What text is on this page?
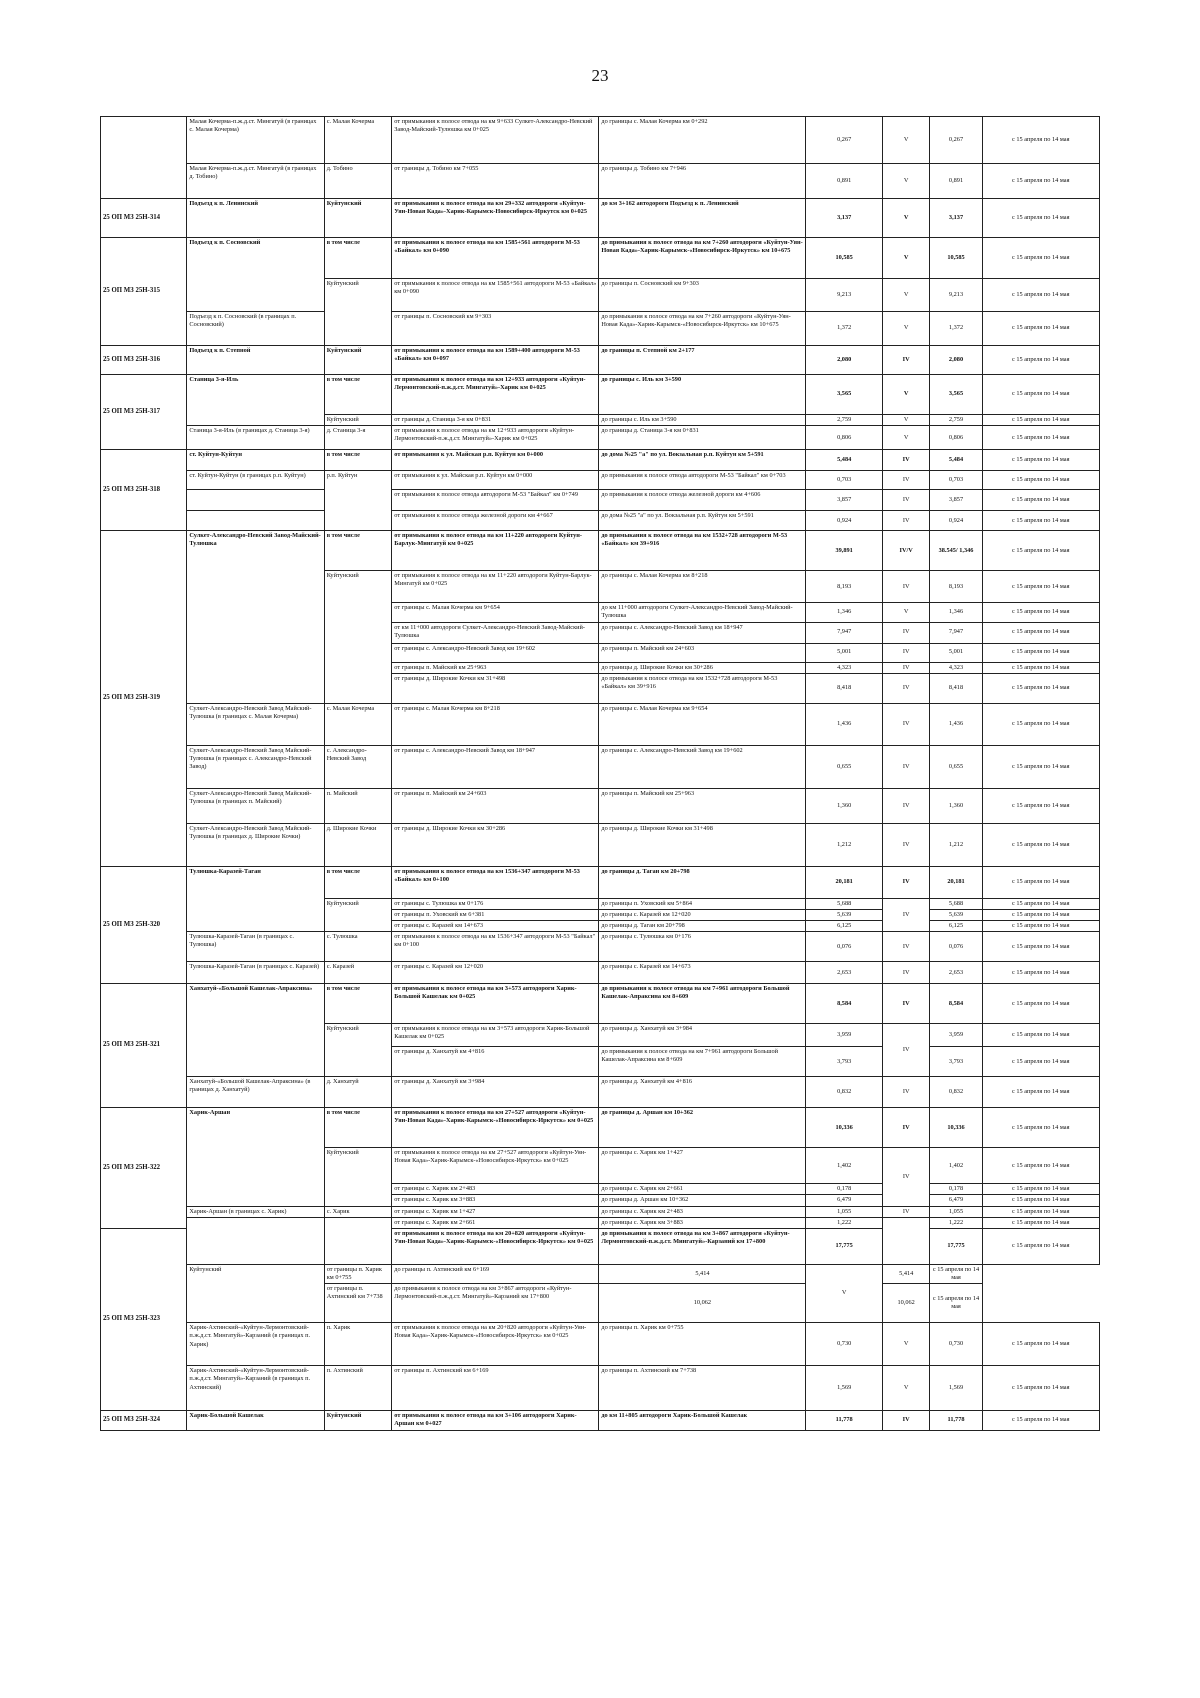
23
	Малая Кочерма-п.ж.д.ст. Мингатуй (в границах с. Малая Кочерма)	с. Малая Кочерма	от примыкания к полосе отвода на км 9+633 Сулкет-Александро-Невский Завод-Майский-Тулюшка км 0+025	до границы с. Малая Кочерма км 0+292	0,267	V	0,267	с 15 апреля по 14 мая
	Малая Кочерма-п.ж.д.ст. Мингатуй (в границах д. Тобино)	д. Тобино	от границы д. Тобино км 7+055	до границы д. Тобино км 7+946	0,891	V	0,891	с 15 апреля по 14 мая
25 ОП МЗ 25Н-314	Подъезд к п. Ленинский	Куйтунский	от примыкания к полосе отвода на км 29+332 автодороги «Куйтун-Уян-Новая Када»-Харик-Карымск-Новосибирск-Иркутск км 0+025	до км 3+162 автодороги Подъезд к п. Ленинский	3,137	V	3,137	с 15 апреля по 14 мая
25 ОП МЗ 25Н-315	Подъезд к п. Сосновский	в том числе	от примыкания к полосе отвода на км 1585+561 автодороги М-53 «Байкал» км 0+090	до примыкания к полосе отвода на км 7+260 автодороги «Куйтун-Уян-Новая Када»-Харик-Карымск-«Новосибирск-Иркутск» км 10+675	10,585	V	10,585	с 15 апреля по 14 мая
		Куйтунский	от примыкания к полосе отвода на км 1585+561 автодороги М-53 «Байкал» км 0+090	до границы п. Сосновский км 9+303	9,213	V	9,213	с 15 апреля по 14 мая
	Подъезд к п. Сосновский (в границах п. Сосновский)		от границы п. Сосновский км 9+303	до примыкания к полосе отвода на км 7+260 автодороги «Куйтун-Уян-Новая Када»-Харик-Карымск-«Новосибирск-Иркутск» км 10+675	1,372	V	1,372	с 15 апреля по 14 мая
25 ОП МЗ 25Н-316	Подъезд к п. Степной	Куйтунский	от примыкания к полосе отвода на км 1589+400 автодороги М-53 «Байкал» км 0+097	до границы п. Степной км 2+177	2,080	IV	2,080	с 15 апреля по 14 мая
25 ОП МЗ 25Н-317	Станица 3-я-Иль	в том числе	от примыкания к полосе отвода на км 12+933 автодороги «Куйтун-Лермонтовский-п.ж.д.ст. Мингатуй»-Харик км 0+025	до границы с. Иль км 3+590	3,565	V	3,565	с 15 апреля по 14 мая
		Куйтунский	от границы д. Станица 3-я км 0+831	до границы с. Иль км 3+590	2,759	V	2,759	с 15 апреля по 14 мая
	Станица 3-я-Иль (в границах д. Станица 3-я)	д. Станица 3-я	от примыкания к полосе отвода на км 12+933 автодороги «Куйтун-Лермонтовский-п.ж.д.ст. Мингатуй»-Харик км 0+025	до границы д. Станица 3-я км 0+831	0,806	V	0,806	с 15 апреля по 14 мая
25 ОП МЗ 25Н-318	ст. Куйтун-Куйтун	в том числе	от примыкания к ул. Майская р.п. Куйтун км 0+000	до дома №25 "а" по ул. Вокзальная р.п. Куйтун км 5+591	5,484	IV	5,484	с 15 апреля по 14 мая
	ст. Куйтун-Куйтун (в границах р.п. Куйтун)	р.п. Куйтун	от примыкания к ул. Майская р.п. Куйтун км 0+000	до примыкания к полосе отвода автодороги М-53 "Байкал" км 0+703	0,703	IV	0,703	с 15 апреля по 14 мая
			от примыкания к полосе отвода автодороги М-53 "Байкал" км 0+749	до примыкания к полосе отвода железной дороги км 4+606	3,857	IV	3,857	с 15 апреля по 14 мая
			от примыкания к полосе отвода железной дороги км 4+667	до дома №25 "а" по ул. Вокзальная р.п. Куйтун км 5+591	0,924	IV	0,924	с 15 апреля по 14 мая
25 ОП МЗ 25Н-319	Сулкет-Александро-Невский Завод-Майский-Тулюшка	в том числе	от примыкания к полосе отвода на км 11+220 автодороги Куйтун-Барлук-Мингатуй км 0+025	до примыкания к полосе отвода на км 1532+728 автодороги М-53 «Байкал» км 39+916	39,891	IV/V	38.545/ 1,346	с 15 апреля по 14 мая
		Куйтунский	от примыкания к полосе отвода на км 11+220 автодороги Куйтун-Барлук-Мингатуй км 0+025	до границы с. Малая Кочерма км 8+218	8,193	IV	8,193	с 15 апреля по 14 мая
			от границы с. Малая Кочерма км 9+654	до км 11+000 автодороги Сулкет-Александро-Невский Завод-Майский-Тулюшка	1,346	V	1,346	с 15 апреля по 14 мая
			от км 11+000 автодороги Сулкет-Александро-Невский Завод-Майский-Тулюшка	до границы с. Александро-Невский Завод км 18+947	7,947	IV	7,947	с 15 апреля по 14 мая
			от границы с. Александро-Невский Завод км 19+602	до границы п. Майский км 24+603	5,001	IV	5,001	с 15 апреля по 14 мая
			от границы п. Майский км 25+963	до границы д. Широкие Кочки км 30+286	4,323	IV	4,323	с 15 апреля по 14 мая
			от границы д. Широкие Кочки км 31+498	до примыкания к полосе отвода на км 1532+728 автодороги М-53 «Байкал» км 39+916	8,418	IV	8,418	с 15 апреля по 14 мая
	Сулкет-Александро-Невский Завод Майский-Тулюшка (в границах с. Малая Кочерма)	с. Малая Кочерма	от границы с. Малая Кочерма км 8+218	до границы с. Малая Кочерма км 9+654	1,436	IV	1,436	с 15 апреля по 14 мая
	Сулкет-Александро-Невский Завод Майский-Тулюшка (в границах с. Александро-Невский Завод)	с. Александро-Невский Завод	от границы с. Александро-Невский Завод км 18+947	до границы с. Александро-Невский Завод км 19+602	0,655	IV	0,655	с 15 апреля по 14 мая
	Сулкет-Александро-Невский Завод Майский-Тулюшка (в границах п. Майский)	п. Майский	от границы п. Майский км 24+603	до границы п. Майский км 25+963	1,360	IV	1,360	с 15 апреля по 14 мая
	Сулкет-Александро-Невский Завод Майский-Тулюшка (в границах д. Широкие Кочки)	д. Широкие Кочки	от границы д. Широкие Кочки км 30+286	до границы д. Широкие Кочки км 31+498	1,212	IV	1,212	с 15 апреля по 14 мая
25 ОП МЗ 25Н-320	Тулюшка-Каразей-Таган	в том числе	от примыкания к полосе отвода на км 1536+347 автодороги М-53 «Байкал» км 0+100	до границы д. Таган км 20+798	20,181	IV	20,181	с 15 апреля по 14 мая
		Куйтунский	от границы с. Тулюшка км 0+176	до границы п. Уховский км 5+864	5,688	IV	5,688	с 15 апреля по 14 мая
			от границы п. Уховский км 6+381	до границы с. Каразей км 12+020	5,639		5,639	с 15 апреля по 14 мая
			от границы с. Каразей км 14+673	до границы д. Таган км 20+798	6,125		6,125	с 15 апреля по 14 мая
	Тулюшка-Каразей-Таган (в границах с. Тулюшка)	с. Тулюшка	от примыкания к полосе отвода на км 1536+347 автодороги М-53 "Байкал" км 0+100	до границы с. Тулюшка км 0+176	0,076	IV	0,076	с 15 апреля по 14 мая
	Тулюшка-Каразей-Таган (в границах с. Каразей)	с. Каразей	от границы с. Каразей км 12+020	до границы с. Каразей км 14+673	2,653	IV	2,653	с 15 апреля по 14 мая
25 ОП МЗ 25Н-321	Ханхатуй-«Большой Кашелак-Апраксина»	в том числе	от примыкания к полосе отвода на км 3+573 автодороги Харик-Большой Кашелак км 0+025	до примыкания к полосе отвода на км 7+961 автодороги Большой Кашелак-Апраксина км 8+609	8,584	IV	8,584	с 15 апреля по 14 мая
		Куйтунский	от примыкания к полосе отвода на км 3+573 автодороги Харик-Большой Кашелак км 0+025	до границы д. Ханхатуй км 3+984	3,959	IV	3,959	с 15 апреля по 14 мая
			от границы д. Ханхатуй км 4+816	до примыкания к полосе отвода на км 7+961 автодороги Большой Кашелак-Апраксина км 8+609	3,793		3,793	с 15 апреля по 14 мая
	Ханхатуй-«Большой Кашелак-Апраксина» (в границах д. Ханхатуй)	д. Ханхатуй	от границы д. Ханхатуй км 3+984	до границы д. Ханхатуй км 4+816	0,832	IV	0,832	с 15 апреля по 14 мая
25 ОП МЗ 25Н-322	Харик-Аршан	в том числе	от примыкания к полосе отвода на км 27+527 автодороги «Куйтун-Уян-Новая Када»-Харик-Карымск-«Новосибирск-Иркутск» км 0+025	до границы д. Аршан км 10+362	10,336	IV	10,336	с 15 апреля по 14 мая
		Куйтунский	от примыкания к полосе отвода на км 27+527 автодороги «Куйтун-Уян-Новая Када»-Харик-Карымск-«Новосибирск-Иркутск» км 0+025	до границы с. Харик км 1+427	1,402	IV	1,402	с 15 апреля по 14 мая
			от границы с. Харик км 2+483	до границы с. Харик км 2+661	0,178		0,178	с 15 апреля по 14 мая
			от границы с. Харик км 3+883	до границы д. Аршан км 10+362	6,479		6,479	с 15 апреля по 14 мая
	Харик-Аршан (в границах с. Харик)	с. Харик	от границы с. Харик км 1+427	до границы с. Харик км 2+483	1,055	IV	1,055	с 15 апреля по 14 мая
			от границы с. Харик км 2+661	до границы с. Харик км 3+883	1,222		1,222	с 15 апреля по 14 мая
25 ОП МЗ 25Н-323			от примыкания к полосе отвода на км 20+820 автодороги «Куйтун-Уян-Новая Када»-Харик-Карымск-«Новосибирск-Иркутск» км 0+025	до примыкания к полосе отвода на км 3+867 автодороги «Куйтун-Лермонтовский-п.ж.д.ст. Мингатуй»-Карзаний км 17+800	17,775		17,775	с 15 апреля по 14 мая
	Куйтунский	от границы п. Харик км 0+755	до границы п. Ахтинский км 6+169	5,414	V	5,414	с 15 апреля по 14 мая	
		от границы п. Ахтинский км 7+738	до примыкания к полосе отвода на км 3+867 автодороги «Куйтун-Лермонтовский-п.ж.д.ст. Мингатуй»-Карзаний км 17+800	10,062		10,062	с 15 апреля по 14 мая	
	Харик-Ахтинский-«Куйтун-Лермонтовский-п.ж.д.ст. Мингатуй»-Карзаний (в границах п. Харик)	п. Харик	от примыкания к полосе отвода на км 20+820 автодороги «Куйтун-Уян-Новая Када»-Харик-Карымск-«Новосибирск-Иркутск» км 0+025	до границы п. Харик км 0+755	0,730	V	0,730	с 15 апреля по 14 мая
	Харик-Ахтинский-«Куйтун-Лермонтовский-п.ж.д.ст. Мингатуй»-Карзаний (в границах п. Ахтинский)	п. Ахтинский	от границы п. Ахтинский км 6+169	до границы п. Ахтинский км 7+738	1,569	V	1,569	с 15 апреля по 14 мая
25 ОП МЗ 25Н-324	Харик-Большой Кашелак	Куйтунский	от примыкания к полосе отвода на км 3+106 автодороги Харик-Аршан км 0+027	до км 11+805 автодороги Харик-Большой Кашелак	11,778	IV	11,778	с 15 апреля по 14 мая
